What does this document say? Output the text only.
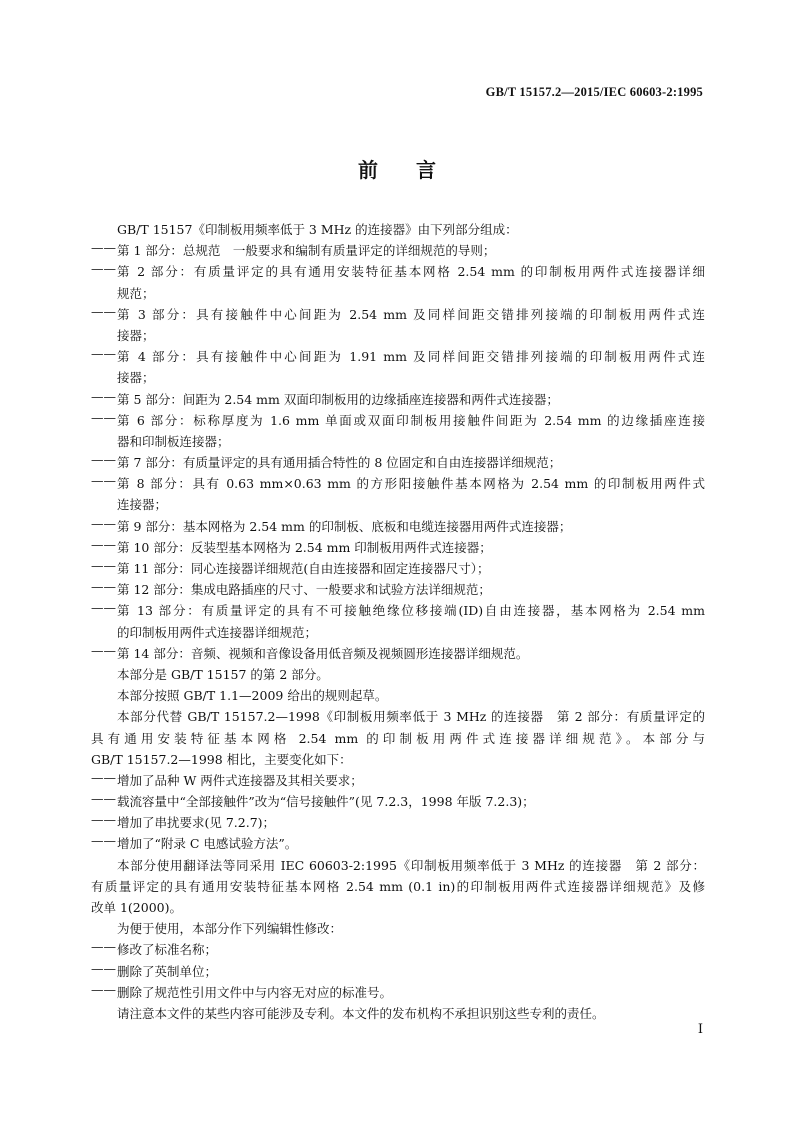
GB/T 15157.2—2015/IEC 60603-2:1995
前 言
GB/T 15157《印制板用频率低于 3 MHz 的连接器》由下列部分组成：
—— 第 1 部分：总规范　一般要求和编制有质量评定的详细规范的导则；
—— 第 2 部分：有质量评定的具有通用安装特征基本网格 2.54 mm 的印制板用两件式连接器详细
规范；
—— 第 3 部分：具有接触件中心间距为 2.54 mm 及同样间距交错排列接端的印制板用两件式连
接器；
—— 第 4 部分：具有接触件中心间距为 1.91 mm 及同样间距交错排列接端的印制板用两件式连
接器；
—— 第 5 部分：间距为 2.54 mm 双面印制板用的边缘插座连接器和两件式连接器；
—— 第 6 部分：标称厚度为 1.6 mm 单面或双面印制板用接触件间距为 2.54 mm 的边缘插座连接
器和印制板连接器；
—— 第 7 部分：有质量评定的具有通用插合特性的 8 位固定和自由连接器详细规范；
—— 第 8 部分：具有 0.63 mm×0.63 mm 的方形阳接触件基本网格为 2.54 mm 的印制板用两件式
连接器；
—— 第 9 部分：基本网格为 2.54 mm 的印制板、底板和电缆连接器用两件式连接器；
—— 第 10 部分：反装型基本网格为 2.54 mm 印制板用两件式连接器；
—— 第 11 部分：同心连接器详细规范(自由连接器和固定连接器尺寸）；
—— 第 12 部分：集成电路插座的尺寸、一般要求和试验方法详细规范；
—— 第 13 部分：有质量评定的具有不可接触绝缘位移接端(ID)自由连接器，基本网格为 2.54 mm
的印制板用两件式连接器详细规范；
—— 第 14 部分：音频、视频和音像设备用低音频及视频圆形连接器详细规范。
本部分是 GB/T 15157 的第 2 部分。
本部分按照 GB/T 1.1—2009 给出的规则起草。
本部分代替 GB/T 15157.2—1998《印制板用频率低于 3 MHz 的连接器　第 2 部分：有质量评定的
具有通用安装特征基本网格 2.54 mm 的印制板用两件式连接器详细规范》。本部分与
GB/T 15157.2—1998 相比，主要变化如下：
—— 增加了品种 W 两件式连接器及其相关要求；
—— 载流容量中“全部接触件”改为“信号接触件”(见 7.2.3，1998 年版 7.2.3)；
—— 增加了串扰要求(见 7.2.7)；
—— 增加了“附录 C 电感试验方法”。
本部分使用翻译法等同采用 IEC 60603-2:1995《印制板用频率低于 3 MHz 的连接器　第 2 部分：
有质量评定的具有通用安装特征基本网格 2.54 mm (0.1 in)的印制板用两件式连接器详细规范》及修
改单 1(2000)。
为便于使用，本部分作下列编辑性修改：
—— 修改了标准名称；
—— 删除了英制单位；
—— 删除了规范性引用文件中与内容无对应的标准号。
请注意本文件的某些内容可能涉及专利。本文件的发布机构不承担识别这些专利的责任。
I
